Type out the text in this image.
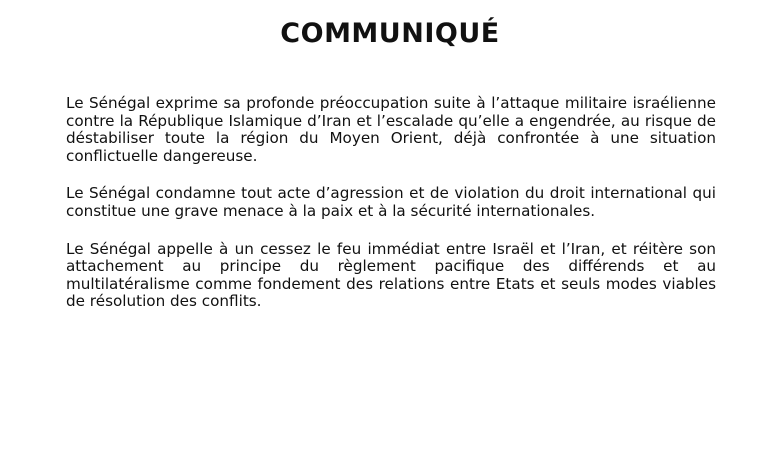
COMMUNIQUÉ

Le Sénégal exprime sa profonde préoccupation suite à l’attaque militaire israélienne contre la République Islamique d’Iran et l’escalade qu’elle a engendrée, au risque de déstabiliser toute la région du Moyen Orient, déjà confrontée à une situation conflictuelle dangereuse.

Le Sénégal condamne tout acte d’agression et de violation du droit international qui constitue une grave menace à la paix et à la sécurité internationales.

Le Sénégal appelle à un cessez le feu immédiat entre Israël et l’Iran, et réitère son attachement au principe du règlement pacifique des différends et au multilatéralisme comme fondement des relations entre Etats et seuls modes viables de résolution des conflits.
